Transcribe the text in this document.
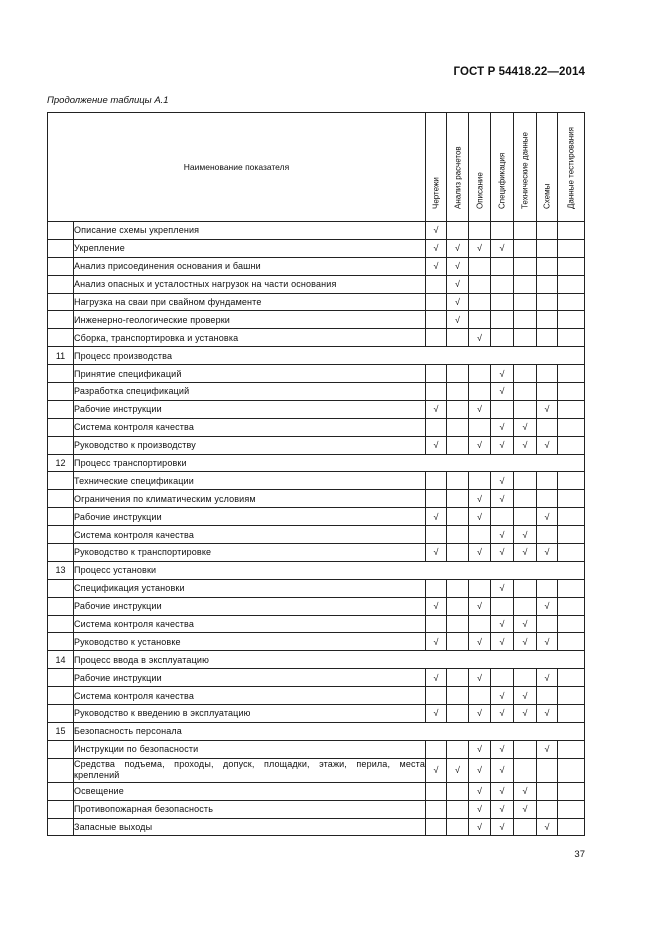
ГОСТ Р 54418.22—2014
Продолжение таблицы А.1
Наименование показателя		Чертежи	Анализ расчетов	Описание	Спецификация	Технические данные	Схемы	Данные тестирования

	Описание схемы укрепления	√						
	Укрепление	√	√	√	√			
	Анализ присоединения основания и башни	√	√					
	Анализ опасных и усталостных нагрузок на части основания		√					
	Нагрузка на сваи при свайном фундаменте		√					
	Инженерно-геологические проверки		√					
	Сборка, транспортировка и установка			√				
11	Процесс производства							
	Принятие спецификаций				√			
	Разработка спецификаций				√			
	Рабочие инструкции	√		√			√	
	Система контроля качества				√	√		
	Руководство к производству	√		√	√	√	√	
12	Процесс транспортировки							
	Технические спецификации				√			
	Ограничения по климатическим условиям			√	√			
	Рабочие инструкции	√		√			√	
	Система контроля качества				√	√		
	Руководство к транспортировке	√		√	√	√	√	
13	Процесс установки							
	Спецификация установки				√			
	Рабочие инструкции	√		√			√	
	Система контроля качества				√	√		
	Руководство к установке	√		√	√	√	√	
14	Процесс ввода в эксплуатацию							
	Рабочие инструкции	√		√			√	
	Система контроля качества				√	√		
	Руководство к введению в эксплуатацию	√		√	√	√	√	
15	Безопасность персонала							
	Инструкции по безопасности			√	√		√	
	Средства подъема, проходы, допуск, площадки, этажи, перила, места креплений	√	√	√	√			
	Освещение			√	√	√		
	Противопожарная безопасность			√	√	√		
	Запасные выходы			√	√		√	
37
